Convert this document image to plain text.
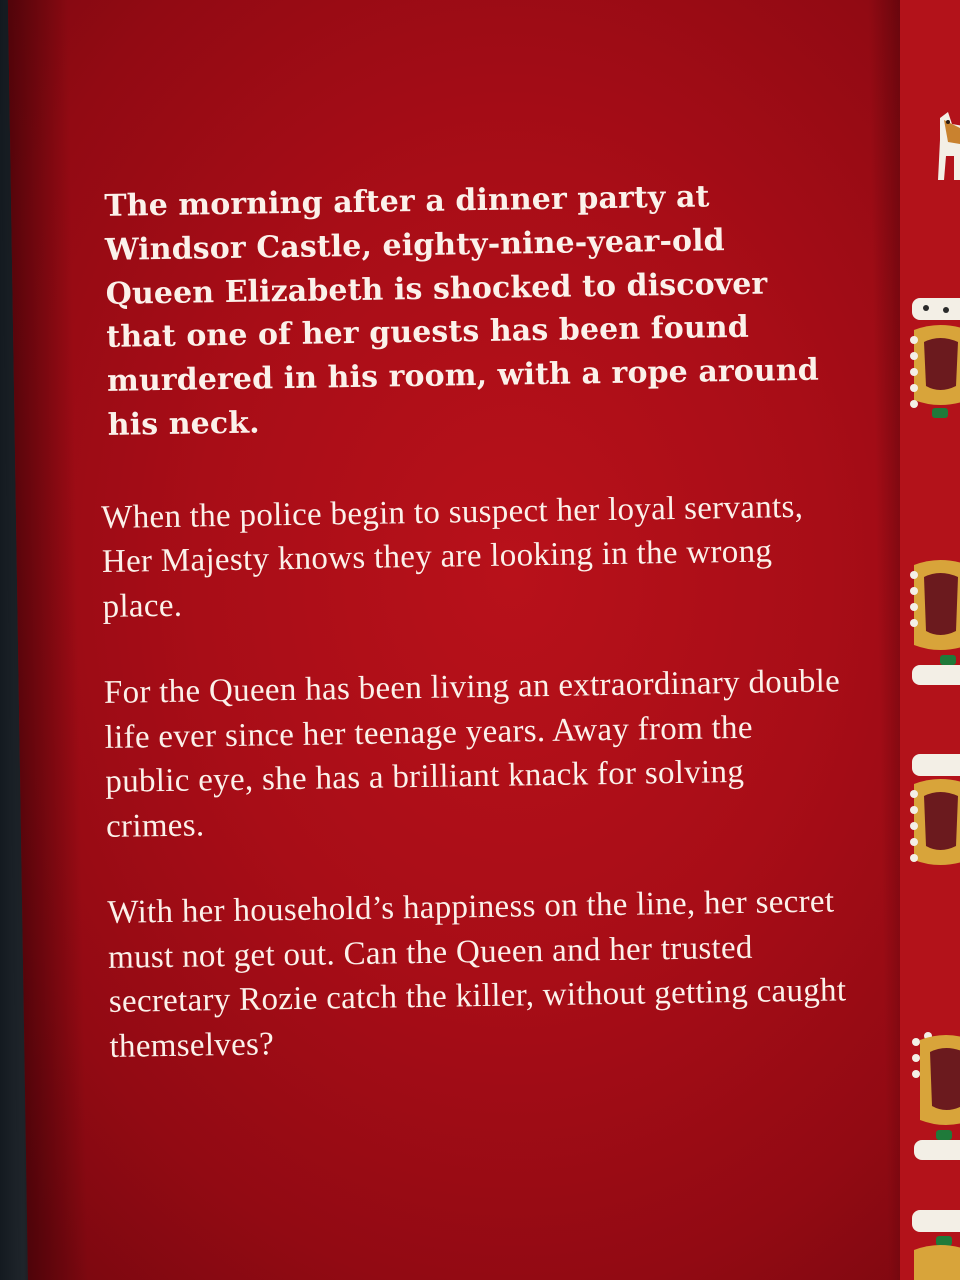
The morning after a dinner party at Windsor Castle, eighty-nine-year-old Queen Elizabeth is shocked to discover that one of her guests has been found murdered in his room, with a rope around his neck.

When the police begin to suspect her loyal servants, Her Majesty knows they are looking in the wrong place.

For the Queen has been living an extraordinary double life ever since her teenage years. Away from the public eye, she has a brilliant knack for solving crimes.

With her household’s happiness on the line, her secret must not get out. Can the Queen and her trusted secretary Rozie catch the killer, without getting caught themselves?
